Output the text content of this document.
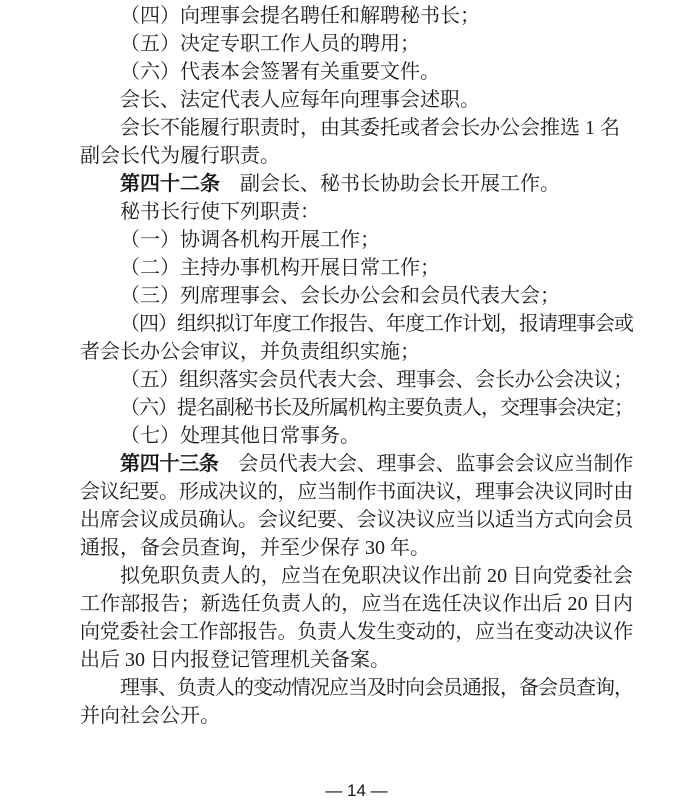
（四）向理事会提名聘任和解聘秘书长；
（五）决定专职工作人员的聘用；
（六）代表本会签署有关重要文件。
会长、法定代表人应每年向理事会述职。
会长不能履行职责时，由其委托或者会长办公会推选 1 名
副会长代为履行职责。
第四十二条　副会长、秘书长协助会长开展工作。
秘书长行使下列职责：
（一）协调各机构开展工作；
（二）主持办事机构开展日常工作；
（三）列席理事会、会长办公会和会员代表大会；
（四）组织拟订年度工作报告、年度工作计划，报请理事会或
者会长办公会审议，并负责组织实施；
（五）组织落实会员代表大会、理事会、会长办公会决议；
（六）提名副秘书长及所属机构主要负责人，交理事会决定；
（七）处理其他日常事务。
第四十三条　会员代表大会、理事会、监事会会议应当制作
会议纪要。形成决议的，应当制作书面决议，理事会决议同时由
出席会议成员确认。会议纪要、会议决议应当以适当方式向会员
通报，备会员查询，并至少保存 30 年。
拟免职负责人的，应当在免职决议作出前 20 日向党委社会
工作部报告；新选任负责人的，应当在选任决议作出后 20 日内
向党委社会工作部报告。负责人发生变动的，应当在变动决议作
出后 30 日内报登记管理机关备案。
理事、负责人的变动情况应当及时向会员通报，备会员查询，
并向社会公开。
— 14 —
